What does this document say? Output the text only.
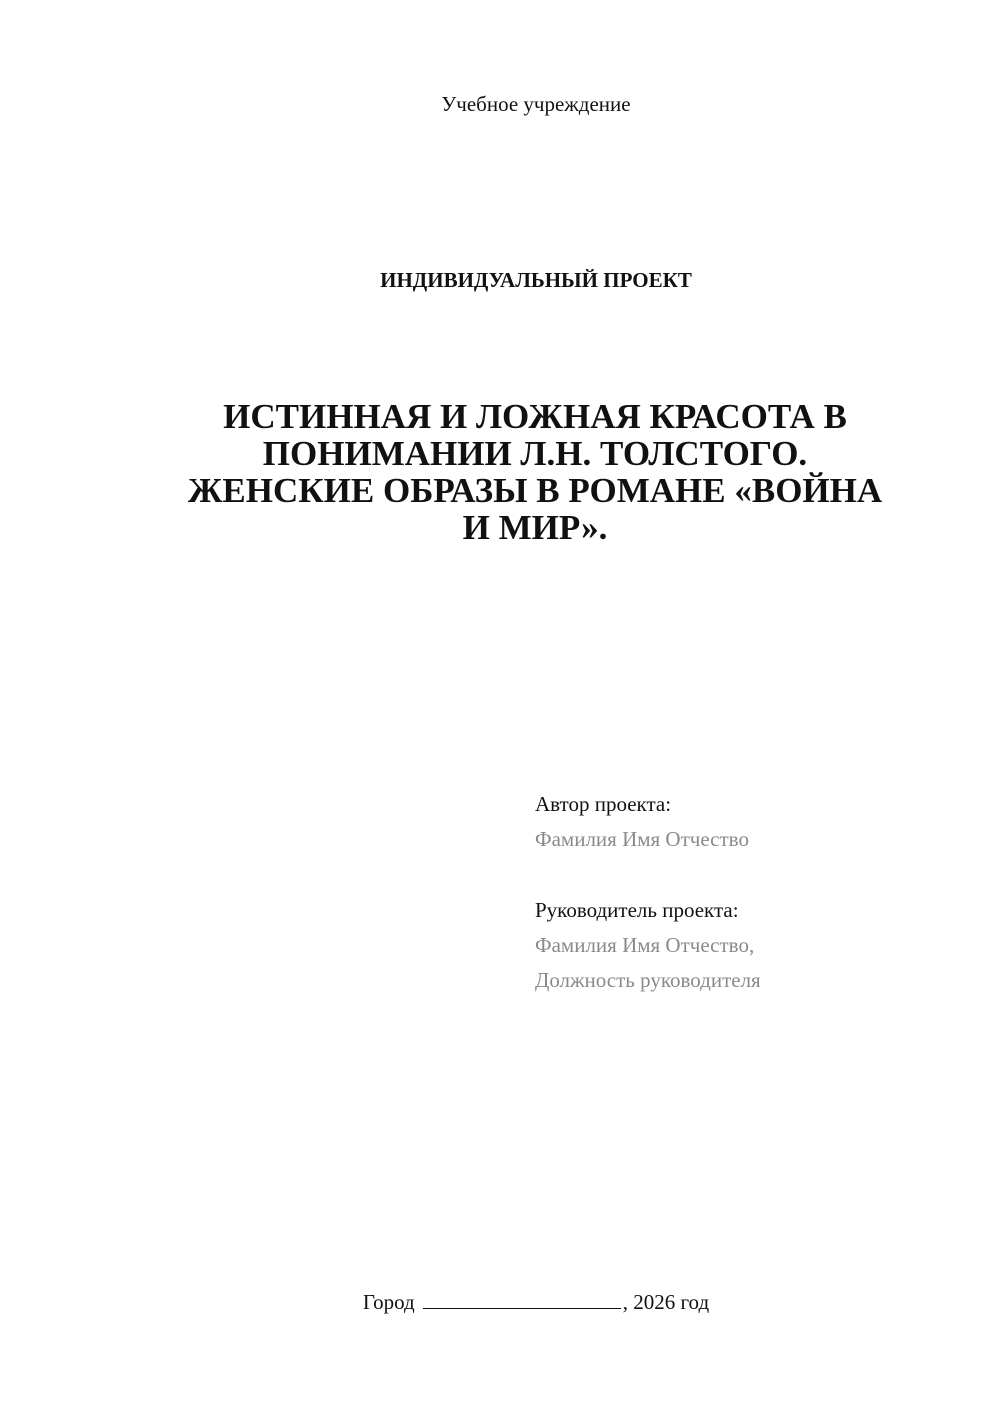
Учебное учреждение
ИНДИВИДУАЛЬНЫЙ ПРОЕКТ
ИСТИННАЯ И ЛОЖНАЯ КРАСОТА В
ПОНИМАНИИ Л.Н. ТОЛСТОГО.
ЖЕНСКИЕ ОБРАЗЫ В РОМАНЕ «ВОЙНА
И МИР».
Автор проекта:
Фамилия Имя Отчество
Руководитель проекта:
Фамилия Имя Отчество,
Должность руководителя
Город	, 2026 год
